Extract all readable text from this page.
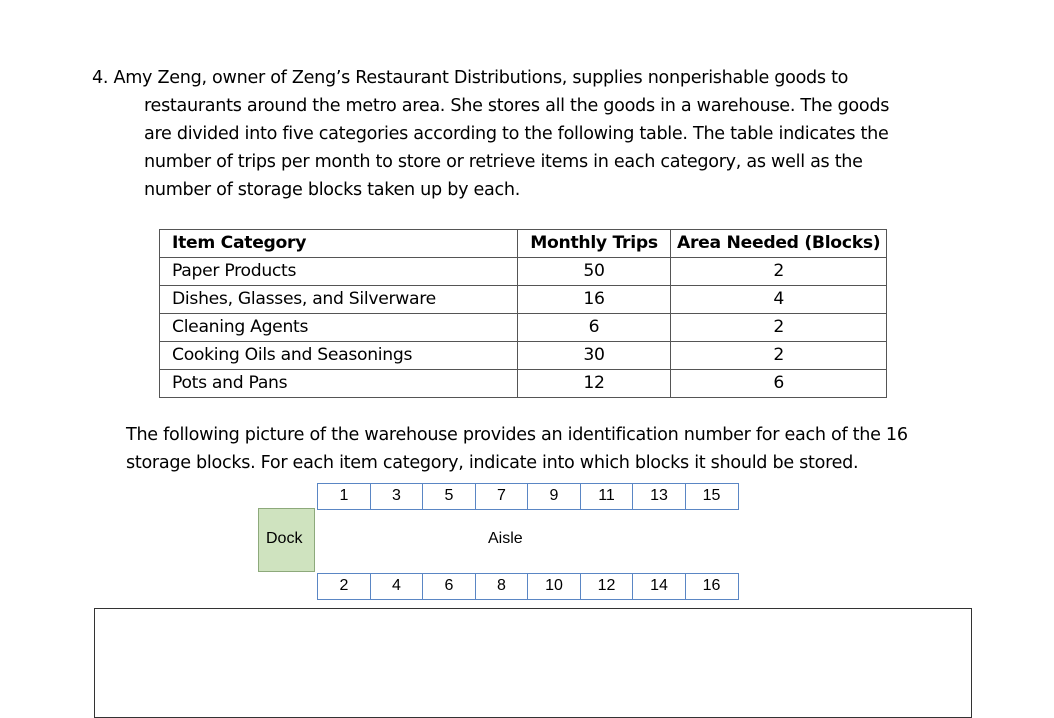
4. Amy Zeng, owner of Zeng’s Restaurant Distributions, supplies nonperishable goods to
restaurants around the metro area. She stores all the goods in a warehouse. The goods
are divided into five categories according to the following table. The table indicates the
number of trips per month to store or retrieve items in each category, as well as the
number of storage blocks taken up by each.
Item Category	Monthly Trips	Area Needed (Blocks)
Paper Products	50	2
Dishes, Glasses, and Silverware	16	4
Cleaning Agents	6	2
Cooking Oils and Seasonings	30	2
Pots and Pans	12	6
The following picture of the warehouse provides an identification number for each of the 16
storage blocks. For each item category, indicate into which blocks it should be stored.
1	3	5	7	9	11	13	15
Dock	Aisle
2	4	6	8	10	12	14	16
